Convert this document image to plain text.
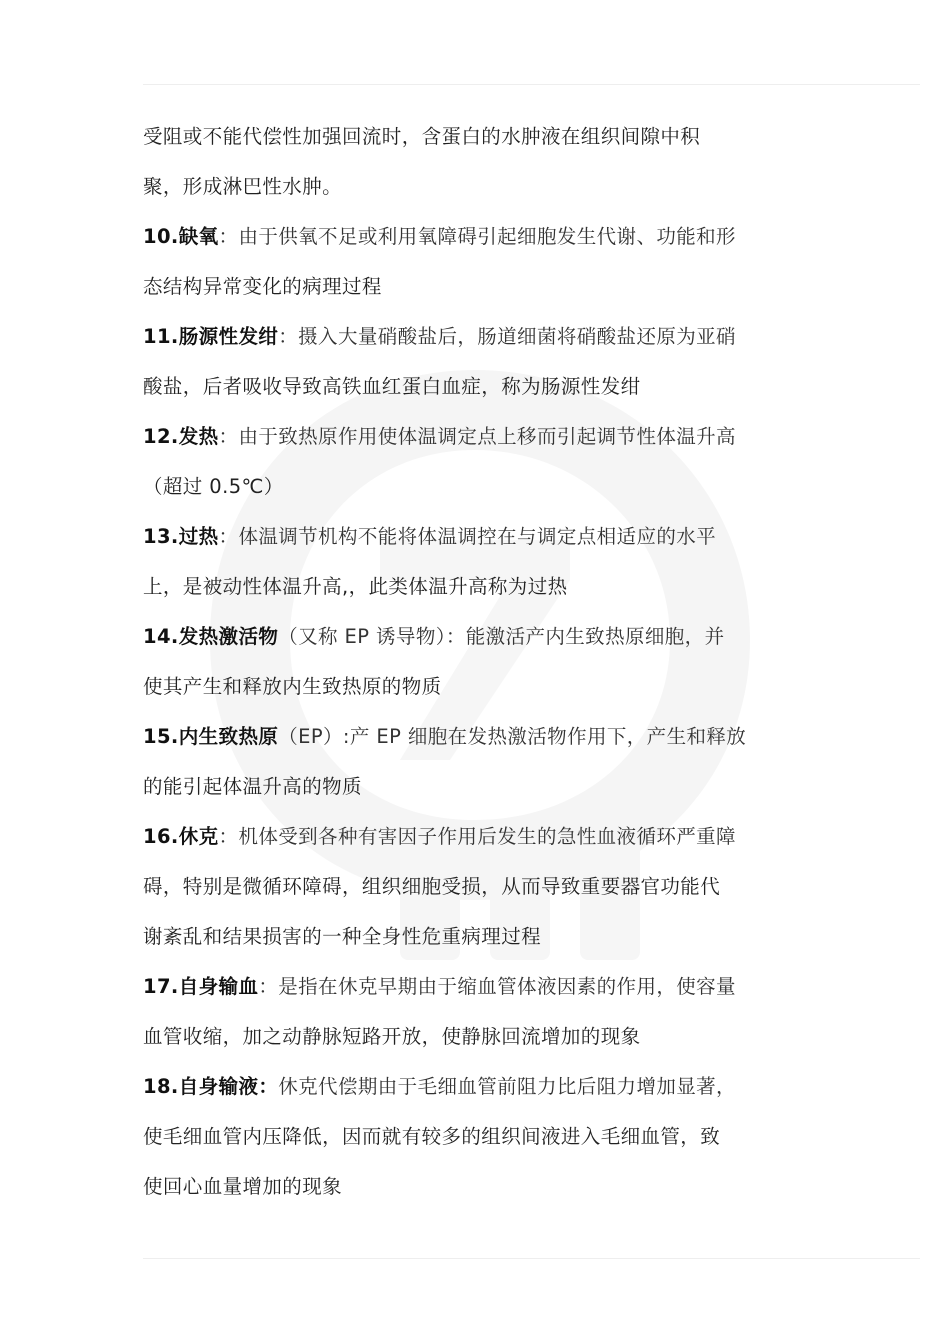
受阻或不能代偿性加强回流时，含蛋白的水肿液在组织间隙中积
聚，形成淋巴性水肿。
10.缺氧：由于供氧不足或利用氧障碍引起细胞发生代谢、功能和形
态结构异常变化的病理过程
11.肠源性发绀：摄入大量硝酸盐后，肠道细菌将硝酸盐还原为亚硝
酸盐，后者吸收导致高铁血红蛋白血症，称为肠源性发绀
12.发热：由于致热原作用使体温调定点上移而引起调节性体温升高
（超过 0.5℃）
13.过热：体温调节机构不能将体温调控在与调定点相适应的水平
上，是被动性体温升高,，此类体温升高称为过热
14.发热激活物（又称 EP 诱导物）：能激活产内生致热原细胞，并
使其产生和释放内生致热原的物质
15.内生致热原（EP）:产 EP 细胞在发热激活物作用下，产生和释放
的能引起体温升高的物质
16.休克：机体受到各种有害因子作用后发生的急性血液循环严重障
碍，特别是微循环障碍，组织细胞受损，从而导致重要器官功能代
谢紊乱和结果损害的一种全身性危重病理过程
17.自身输血：是指在休克早期由于缩血管体液因素的作用，使容量
血管收缩，加之动静脉短路开放，使静脉回流增加的现象
18.自身输液：休克代偿期由于毛细血管前阻力比后阻力增加显著，
使毛细血管内压降低，因而就有较多的组织间液进入毛细血管，致
使回心血量增加的现象
